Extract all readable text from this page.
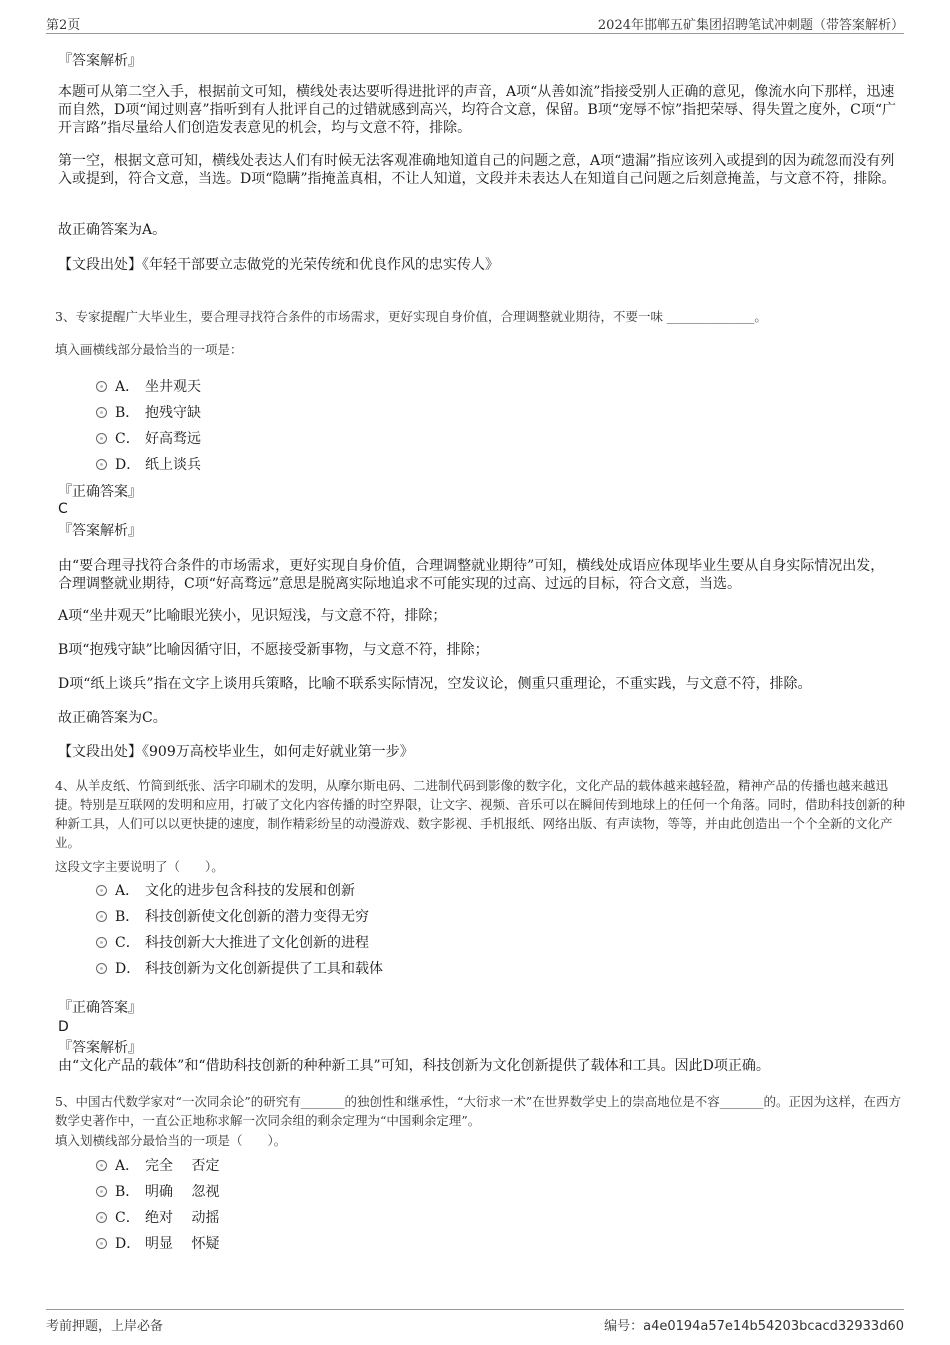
第2页	2024年邯郸五矿集团招聘笔试冲刺题（带答案解析）
『答案解析』
本题可从第二空入手，根据前文可知，横线处表达要听得进批评的声音，A项“从善如流”指接受别人正确的意见，像流水向下那样，迅速而自然，D项“闻过则喜”指听到有人批评自己的过错就感到高兴，均符合文意，保留。B项“宠辱不惊”指把荣辱、得失置之度外，C项“广开言路”指尽量给人们创造发表意见的机会，均与文意不符，排除。
第一空，根据文意可知，横线处表达人们有时候无法客观准确地知道自己的问题之意，A项“遗漏”指应该列入或提到的因为疏忽而没有列入或提到，符合文意，当选。D项“隐瞒”指掩盖真相，不让人知道，文段并未表达人在知道自己问题之后刻意掩盖，与文意不符，排除。
故正确答案为A。
【文段出处】《年轻干部要立志做党的光荣传统和优良作风的忠实传人》
3、专家提醒广大毕业生，要合理寻找符合条件的市场需求，更好实现自身价值，合理调整就业期待，不要一味 ______________。
填入画横线部分最恰当的一项是：
A． 坐井观天
B． 抱残守缺
C． 好高骛远
D． 纸上谈兵
『正确答案』
C
『答案解析』
由“要合理寻找符合条件的市场需求，更好实现自身价值，合理调整就业期待”可知，横线处成语应体现毕业生要从自身实际情况出发，合理调整就业期待，C项“好高骛远”意思是脱离实际地追求不可能实现的过高、过远的目标，符合文意，当选。
A项“坐井观天”比喻眼光狭小，见识短浅，与文意不符，排除；
B项“抱残守缺”比喻因循守旧，不愿接受新事物，与文意不符，排除；
D项“纸上谈兵”指在文字上谈用兵策略，比喻不联系实际情况，空发议论，侧重只重理论，不重实践，与文意不符，排除。
故正确答案为C。
【文段出处】《909万高校毕业生，如何走好就业第一步》
4、从羊皮纸、竹简到纸张、活字印刷术的发明，从摩尔斯电码、二进制代码到影像的数字化，文化产品的载体越来越轻盈，精神产品的传播也越来越迅捷。特别是互联网的发明和应用，打破了文化内容传播的时空界限，让文字、视频、音乐可以在瞬间传到地球上的任何一个角落。同时，借助科技创新的种种新工具，人们可以以更快捷的速度，制作精彩纷呈的动漫游戏、数字影视、手机报纸、网络出版、有声读物，等等，并由此创造出一个个全新的文化产业。
这段文字主要说明了（　　）。
A． 文化的进步包含科技的发展和创新
B． 科技创新使文化创新的潜力变得无穷
C． 科技创新大大推进了文化创新的进程
D． 科技创新为文化创新提供了工具和载体
『正确答案』
D
『答案解析』
由“文化产品的载体”和“借助科技创新的种种新工具”可知，科技创新为文化创新提供了载体和工具。因此D项正确。
5、中国古代数学家对“一次同余论”的研究有_______的独创性和继承性，“大衍求一术”在世界数学史上的崇高地位是不容_______的。正因为这样，在西方数学史著作中，一直公正地称求解一次同余组的剩余定理为“中国剩余定理”。
填入划横线部分最恰当的一项是（　　）。
A． 完全　 否定
B． 明确　 忽视
C． 绝对　 动摇
D． 明显　 怀疑
考前押题，上岸必备	编号：a4e0194a57e14b54203bcacd32933d60
